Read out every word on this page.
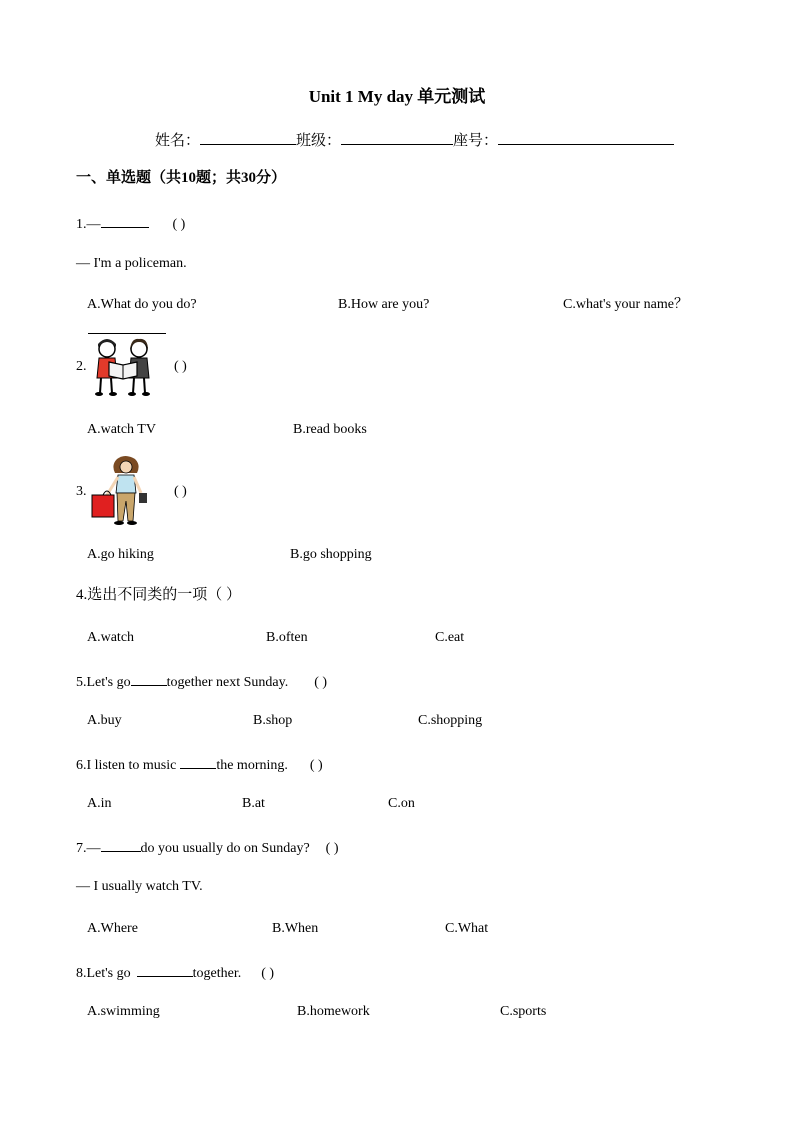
Unit 1 My day 单元测试
姓名：	班级：	座号：
一、单选题（共10题；共30分）
1.—	( )
— I'm a policeman.
A.What do you do?	B.How are you?	C.what's your name？
2.	( )
A.watch TV	B.read books
3.	( )
A.go hiking	B.go shopping
4.选出不同类的一项（ ）
A.watch	B.often	C.eat
5.Let's go	together next Sunday. ( )
A.buy	B.shop	C.shopping
6.I listen to music	the morning. ( )
A.in	B.at	C.on
7.—	do you usually do on Sunday? ( )
— I usually watch TV.
A.Where	B.When	C.What
8.Let's go	together. ( )
A.swimming	B.homework	C.sports
